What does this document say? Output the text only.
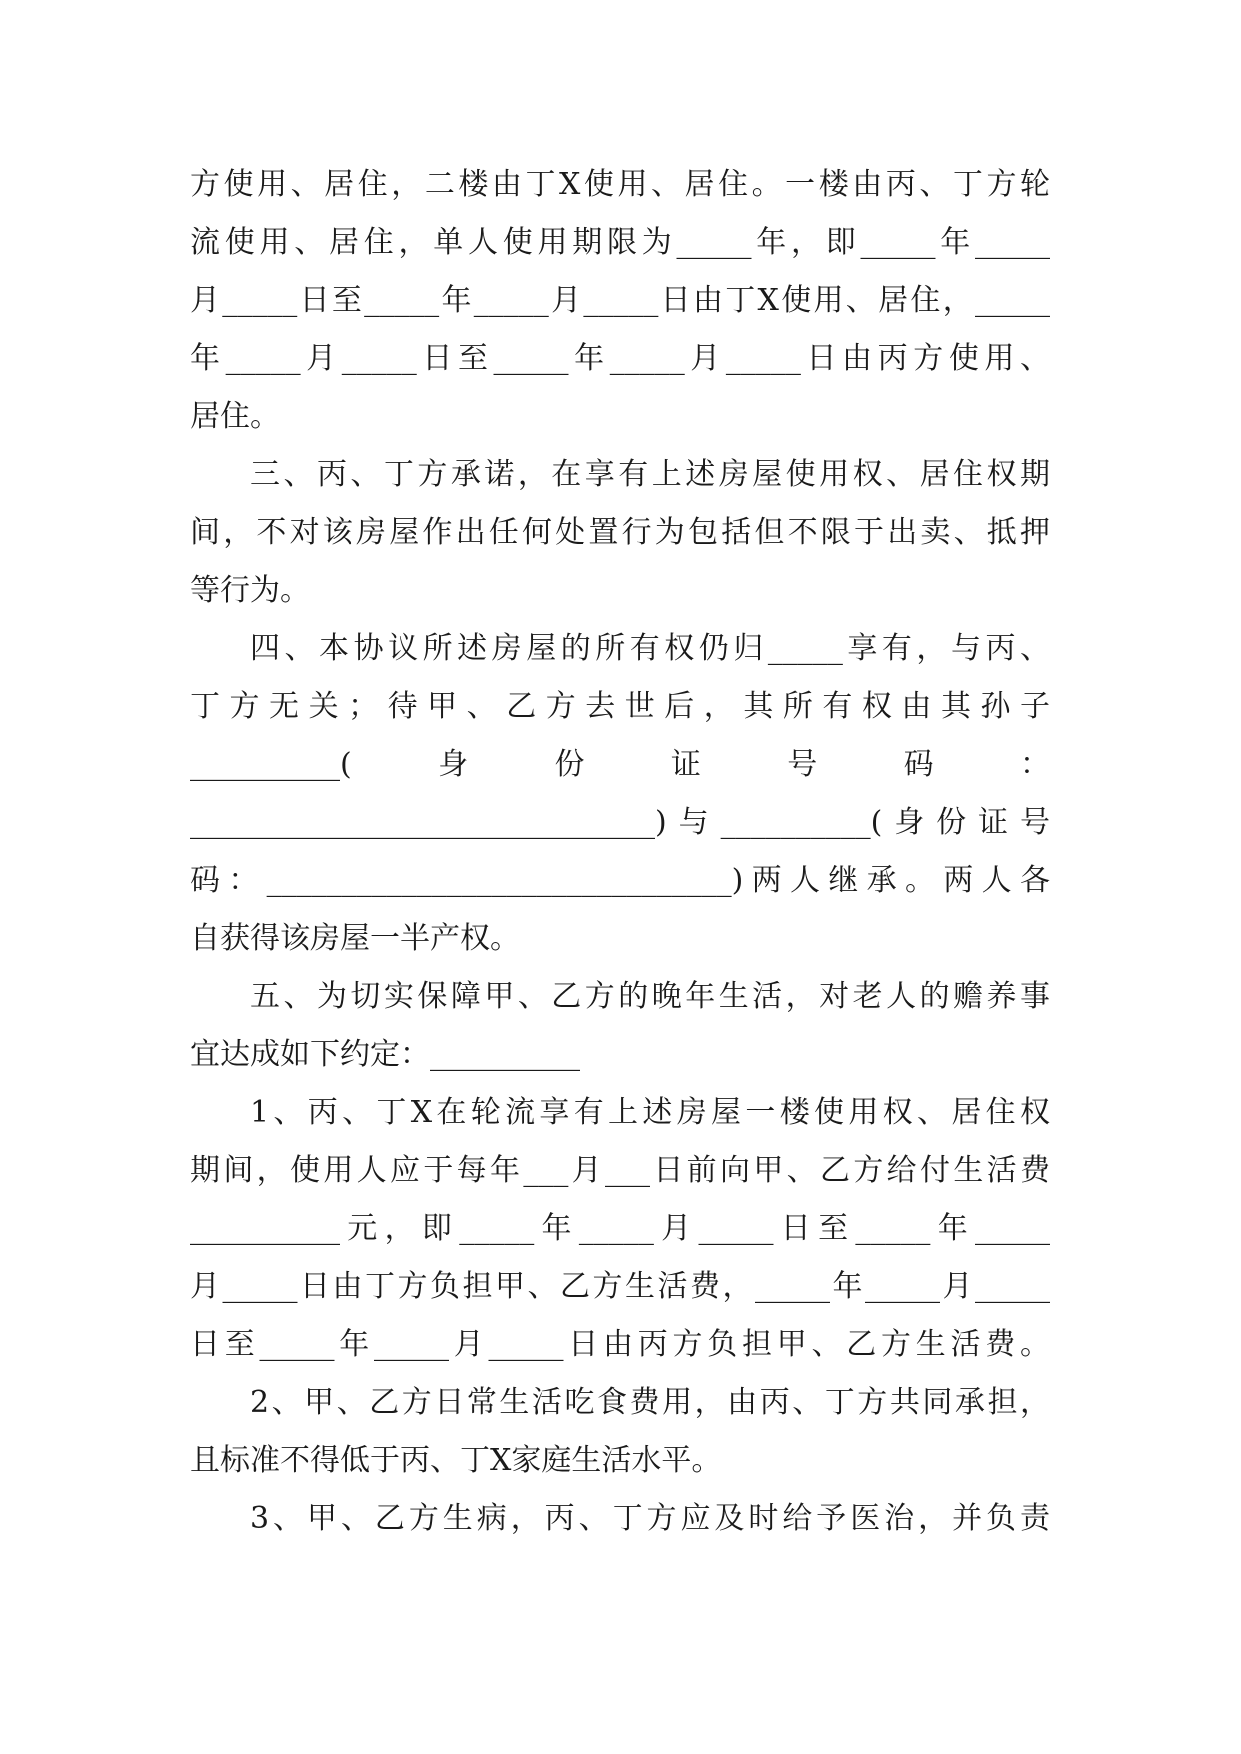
方使用、居住，二楼由丁X使用、居住。一楼由丙、丁方轮
流使用、居住，单人使用期限为_____年，即_____年_____
月_____日至_____年_____月_____日由丁X使用、居住，_____
年_____月_____日至_____年_____月_____日由丙方使用、
居住。
三、丙、丁方承诺，在享有上述房屋使用权、居住权期
间，不对该房屋作出任何处置行为包括但不限于出卖、抵押
等行为。
四、本协议所述房屋的所有权仍归_____享有，与丙、
丁方无关；待甲、乙方去世后，其所有权由其孙子
__________(身份证号码：
_______________________________)与__________(身份证号
码：_______________________________)两人继承。两人各
自获得该房屋一半产权。
五、为切实保障甲、乙方的晚年生活，对老人的赡养事
宜达成如下约定：__________
1、丙、丁X在轮流享有上述房屋一楼使用权、居住权
期间，使用人应于每年___月___日前向甲、乙方给付生活费
__________元，即_____年_____月_____日至_____年_____
月_____日由丁方负担甲、乙方生活费，_____年_____月_____
日至_____年_____月_____日由丙方负担甲、乙方生活费。
2、甲、乙方日常生活吃食费用，由丙、丁方共同承担，
且标准不得低于丙、丁X家庭生活水平。
3、甲、乙方生病，丙、丁方应及时给予医治，并负责
